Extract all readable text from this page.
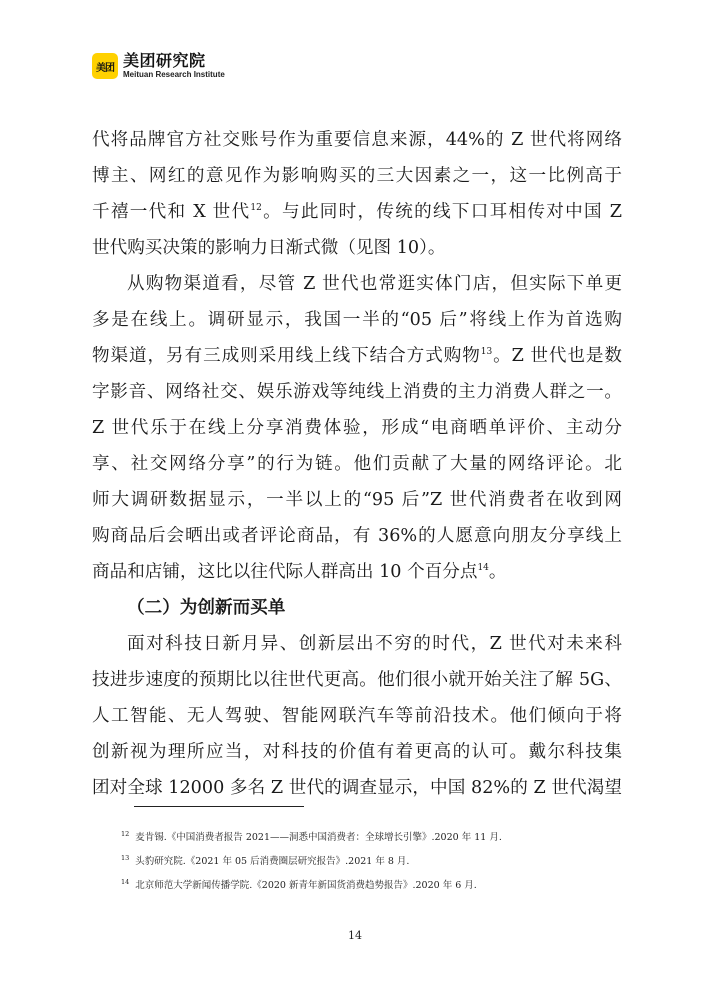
美团 美团研究院
Meituan Research Institute
代将品牌官方社交账号作为重要信息来源，44%的 Z 世代将网络
博主、网红的意见作为影响购买的三大因素之一，这一比例高于
千禧一代和 X 世代$^{12}$。与此同时，传统的线下口耳相传对中国 Z
世代购买决策的影响力日渐式微（见图 10）。
从购物渠道看，尽管 Z 世代也常逛实体门店，但实际下单更
多是在线上。调研显示，我国一半的“05 后”将线上作为首选购
物渠道，另有三成则采用线上线下结合方式购物$^{13}$。Z 世代也是数
字影音、网络社交、娱乐游戏等纯线上消费的主力消费人群之一。
Z 世代乐于在线上分享消费体验，形成“电商晒单评价、主动分
享、社交网络分享”的行为链。他们贡献了大量的网络评论。北
师大调研数据显示，一半以上的“95 后”Z 世代消费者在收到网
购商品后会晒出或者评论商品，有 36%的人愿意向朋友分享线上
商品和店铺，这比以往代际人群高出 10 个百分点$^{14}$。
（二）为创新而买单
面对科技日新月异、创新层出不穷的时代，Z 世代对未来科
技进步速度的预期比以往世代更高。他们很小就开始关注了解 5G、
人工智能、无人驾驶、智能网联汽车等前沿技术。他们倾向于将
创新视为理所应当，对科技的价值有着更高的认可。戴尔科技集
团对全球 12000 多名 Z 世代的调查显示，中国 82%的 Z 世代渴望
$^{12}$ 麦肯锡.《中国消费者报告 2021——洞悉中国消费者：全球增长引擎》.2020 年 11 月.
$^{13}$ 头豹研究院.《2021 年 05 后消费圈层研究报告》.2021 年 8 月.
$^{14}$ 北京师范大学新闻传播学院.《2020 新青年新国货消费趋势报告》.2020 年 6 月.
14
